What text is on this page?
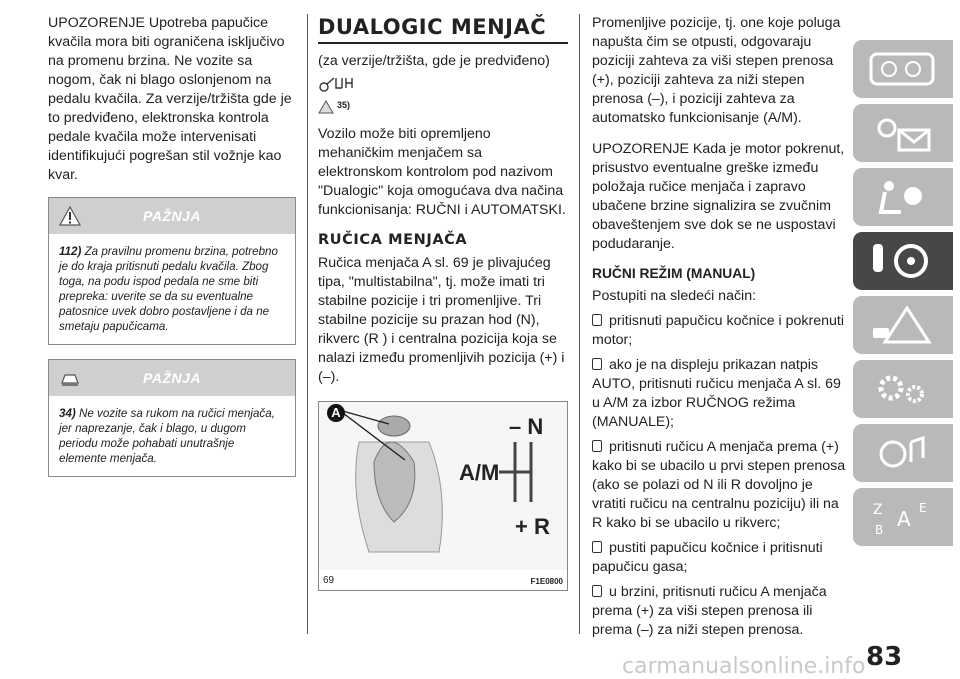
UPOZORENJE Upotreba papučice kvačila mora biti ograničena isključivo na promenu brzina. Ne vozite sa nogom, čak ni blago oslonjenom na pedalu kvačila. Za verzije/tržišta gde je to predviđeno, elektronska kontrola pedale kvačila može intervenisati identifikujući pogrešan stil vožnje kao kvar.

PAŽNJA
112) Za pravilnu promenu brzina, potrebno je do kraja pritisnuti pedalu kvačila. Zbog toga, na podu ispod pedala ne sme biti prepreka: uverite se da su eventualne patosnice uvek dobro postavljene i da ne smetaju papučicama.
PAŽNJA
34) Ne vozite sa rukom na ručici menjača, jer naprezanje, čak i blago, u dugom periodu može pohabati unutrašnje elemente menjača.
DUALOGIC MENJAČ

(za verzije/tržišta, gde je predviđeno)

$^{35)}$

Vozilo može biti opremljeno mehaničkim menjačem sa elektronskom kontrolom pod nazivom "Dualogic" koja omogućava dva načina funkcionisanja: RUČNI i AUTOMATSKI.

RUČICA MENJAČA

Ručica menjača A sl. 69 je plivajućeg tipa, "multistabilna", tj. može imati tri stabilne pozicije i tri promenljive. Tri stabilne pozicije su prazan hod (N), rikverc (R ) i centralna pozicija koja se nalazi između promenljivih pozicija (+) i (–).

A
A/M
– N
+ R
69	F1E0800

Promenljive pozicije, tj. one koje poluga napušta čim se otpusti, odgovaraju poziciji zahteva za viši stepen prenosa (+), poziciji zahteva za niži stepen prenosa (–), i poziciji zahteva za automatsko funkcionisanje (A/M).

UPOZORENJE Kada je motor pokrenut, prisustvo eventualne greške između položaja ručice menjača i zapravo ubačene brzine signalizira se zvučnim obaveštenjem sve dok se ne uspostavi podudaranje.

RUČNI REŽIM (MANUAL)

Postupiti na sledeći način:

pritisnuti papučicu kočnice i pokrenuti motor;
ako je na displeju prikazan natpis AUTO, pritisnuti ručicu menjača A sl. 69 u A/M za izbor RUČNOG režima (MANUALE);
pritisnuti ručicu A menjača prema (+) kako bi se ubacilo u prvi stepen prenosa (ako se polazi od N ili R dovoljno je vratiti ručicu na centralnu poziciju) ili na R kako bi se ubacilo u rikverc;
pustiti papučicu kočnice i pritisnuti papučicu gasa;
u brzini, pritisnuti ručicu A menjača prema (+) za viši stepen prenosa ili prema (–) za niži stepen prenosa.
Z A E
B
83
carmanualsonline.info
